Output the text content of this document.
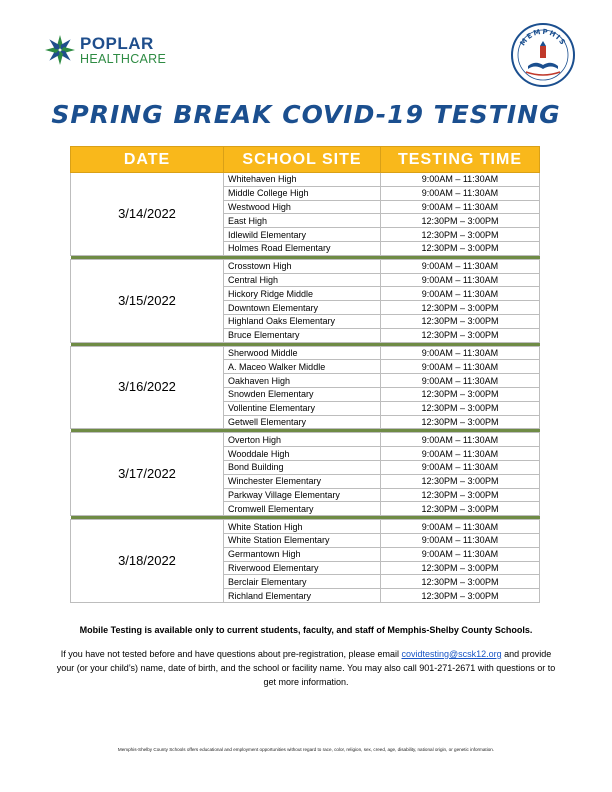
POPLAR
HEALTHCARE
MEMPHIS
SPRING BREAK COVID-19 TESTING
DATE	SCHOOL SITE	TESTING TIME
3/14/2022	Whitehaven High	9:00AM – 11:30AM
	Middle College High	9:00AM – 11:30AM
	Westwood High	9:00AM – 11:30AM
	East High	12:30PM – 3:00PM
	Idlewild Elementary	12:30PM – 3:00PM
	Holmes Road Elementary	12:30PM – 3:00PM

3/15/2022	Crosstown High	9:00AM – 11:30AM
	Central High	9:00AM – 11:30AM
	Hickory Ridge Middle	9:00AM – 11:30AM
	Downtown Elementary	12:30PM – 3:00PM
	Highland Oaks Elementary	12:30PM – 3:00PM
	Bruce Elementary	12:30PM – 3:00PM

3/16/2022	Sherwood Middle	9:00AM – 11:30AM
	A. Maceo Walker Middle	9:00AM – 11:30AM
	Oakhaven High	9:00AM – 11:30AM
	Snowden Elementary	12:30PM – 3:00PM
	Vollentine Elementary	12:30PM – 3:00PM
	Getwell Elementary	12:30PM – 3:00PM

3/17/2022	Overton High	9:00AM – 11:30AM
	Wooddale High	9:00AM – 11:30AM
	Bond Building	9:00AM – 11:30AM
	Winchester Elementary	12:30PM – 3:00PM
	Parkway Village Elementary	12:30PM – 3:00PM
	Cromwell Elementary	12:30PM – 3:00PM

3/18/2022	White Station High	9:00AM – 11:30AM
	White Station Elementary	9:00AM – 11:30AM
	Germantown High	9:00AM – 11:30AM
	Riverwood Elementary	12:30PM – 3:00PM
	Berclair Elementary	12:30PM – 3:00PM
	Richland Elementary	12:30PM – 3:00PM
Mobile Testing is available only to current students, faculty, and staff of Memphis-Shelby County Schools.
If you have not tested before and have questions about pre-registration, please email covidtesting@scsk12.org and provide your (or your child’s) name, date of birth, and the school or facility name. You may also call 901-271-2671 with questions or to get more information.
Memphis-Shelby County Schools offers educational and employment opportunities without regard to race, color, religion, sex, creed, age, disability, national origin, or genetic information.
